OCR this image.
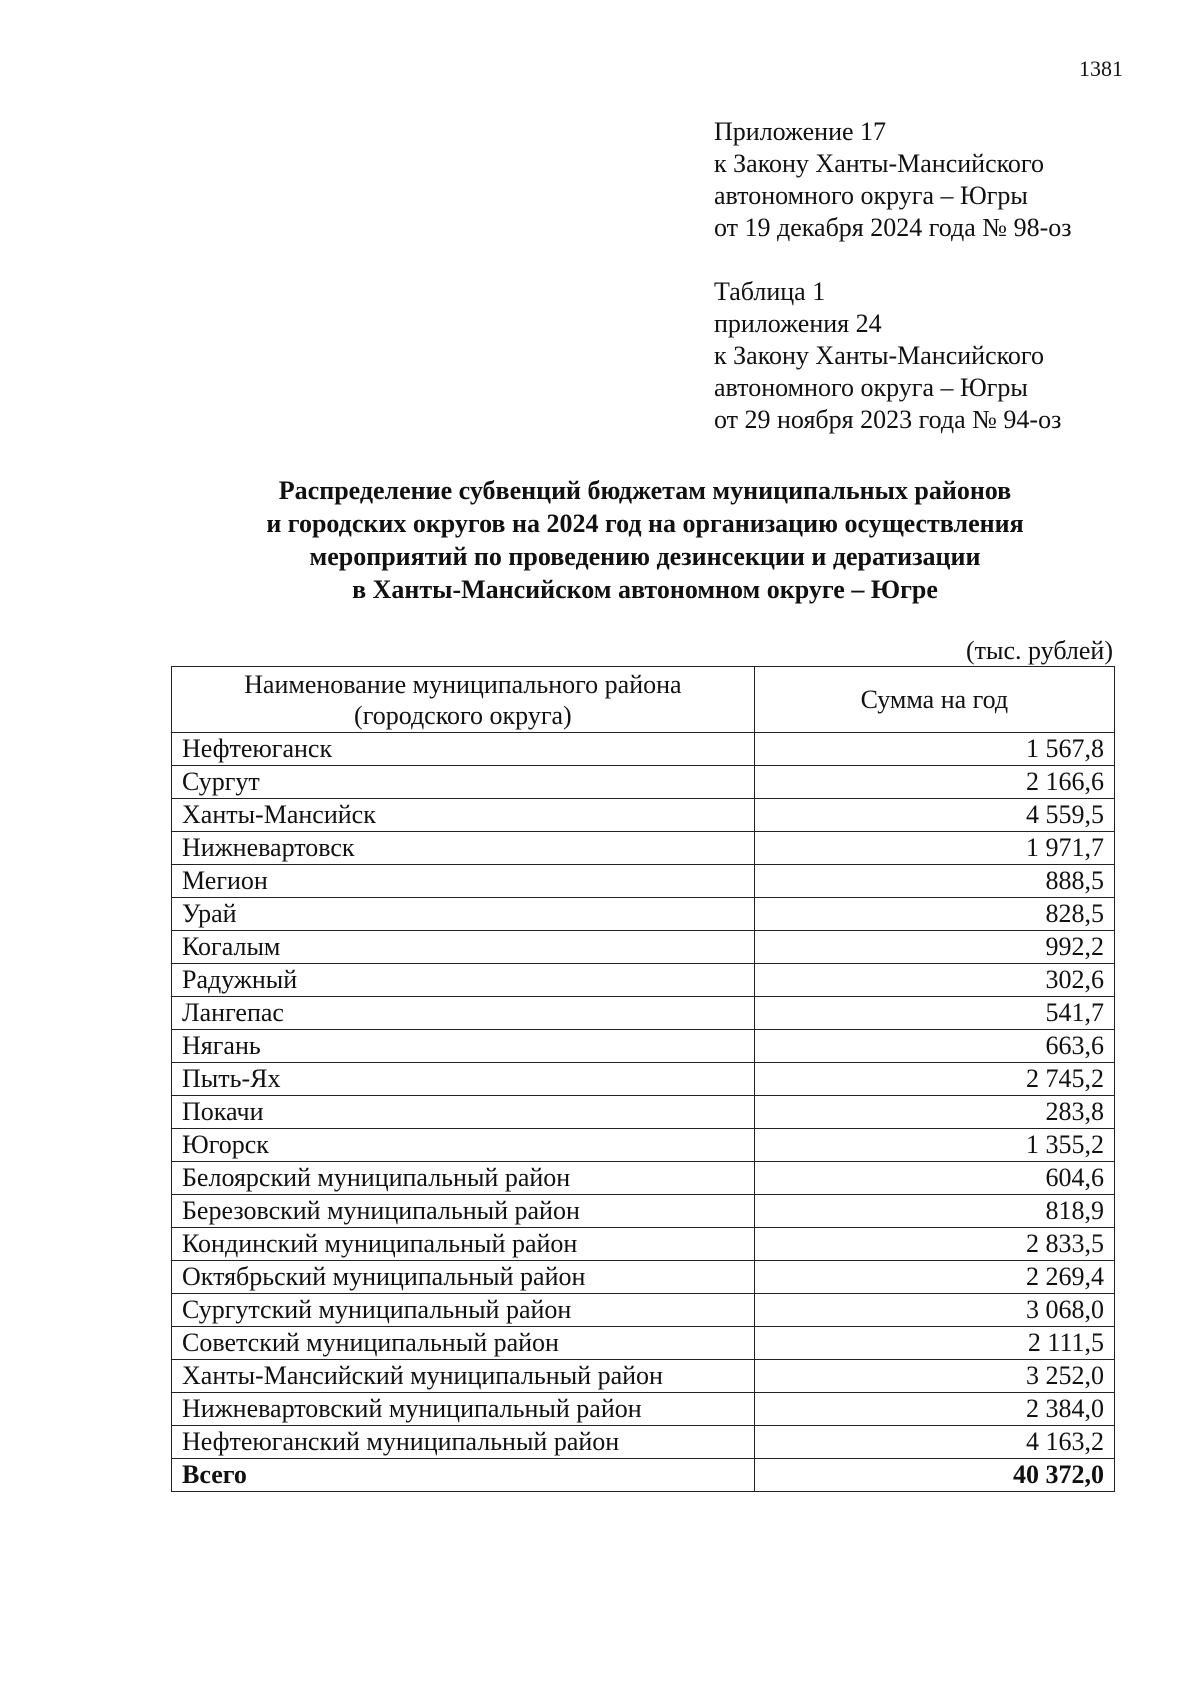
1381
Приложение 17
к Закону Ханты-Мансийского
автономного округа – Югры
от 19 декабря 2024 года № 98-оз
Таблица 1
приложения 24
к Закону Ханты-Мансийского
автономного округа – Югры
от 29 ноября 2023 года № 94-оз
Распределение субвенций бюджетам муниципальных районов
и городских округов на 2024 год на организацию осуществления
мероприятий по проведению дезинсекции и дератизации
в Ханты-Мансийском автономном округе – Югре
(тыс. рублей)
Наименование муниципального района
(городского округа)	Сумма на год
Нефтеюганск	1 567,8
Сургут	2 166,6
Ханты-Мансийск	4 559,5
Нижневартовск	1 971,7
Мегион	888,5
Урай	828,5
Когалым	992,2
Радужный	302,6
Лангепас	541,7
Нягань	663,6
Пыть-Ях	2 745,2
Покачи	283,8
Югорск	1 355,2
Белоярский муниципальный район	604,6
Березовский муниципальный район	818,9
Кондинский муниципальный район	2 833,5
Октябрьский муниципальный район	2 269,4
Сургутский муниципальный район	3 068,0
Советский муниципальный район	2 111,5
Ханты-Мансийский муниципальный район	3 252,0
Нижневартовский муниципальный район	2 384,0
Нефтеюганский муниципальный район	4 163,2
Всего	40 372,0
